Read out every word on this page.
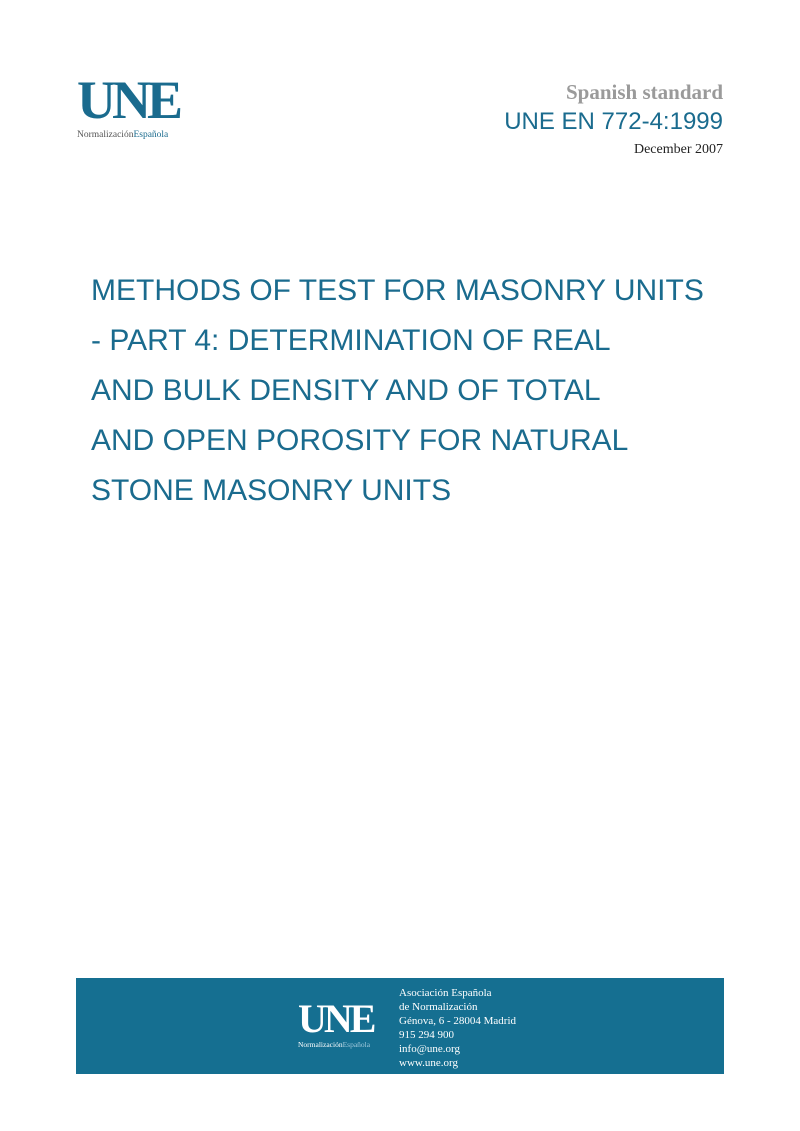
UNE
NormalizaciónEspañola
Spanish standard
UNE EN 772-4:1999
December 2007
METHODS OF TEST FOR MASONRY UNITS
- PART 4: DETERMINATION OF REAL
AND BULK DENSITY AND OF TOTAL
AND OPEN POROSITY FOR NATURAL
STONE MASONRY UNITS
UNE
NormalizaciónEspañola
Asociación Española
de Normalización
Génova, 6 - 28004 Madrid
915 294 900
info@une.org
www.une.org
